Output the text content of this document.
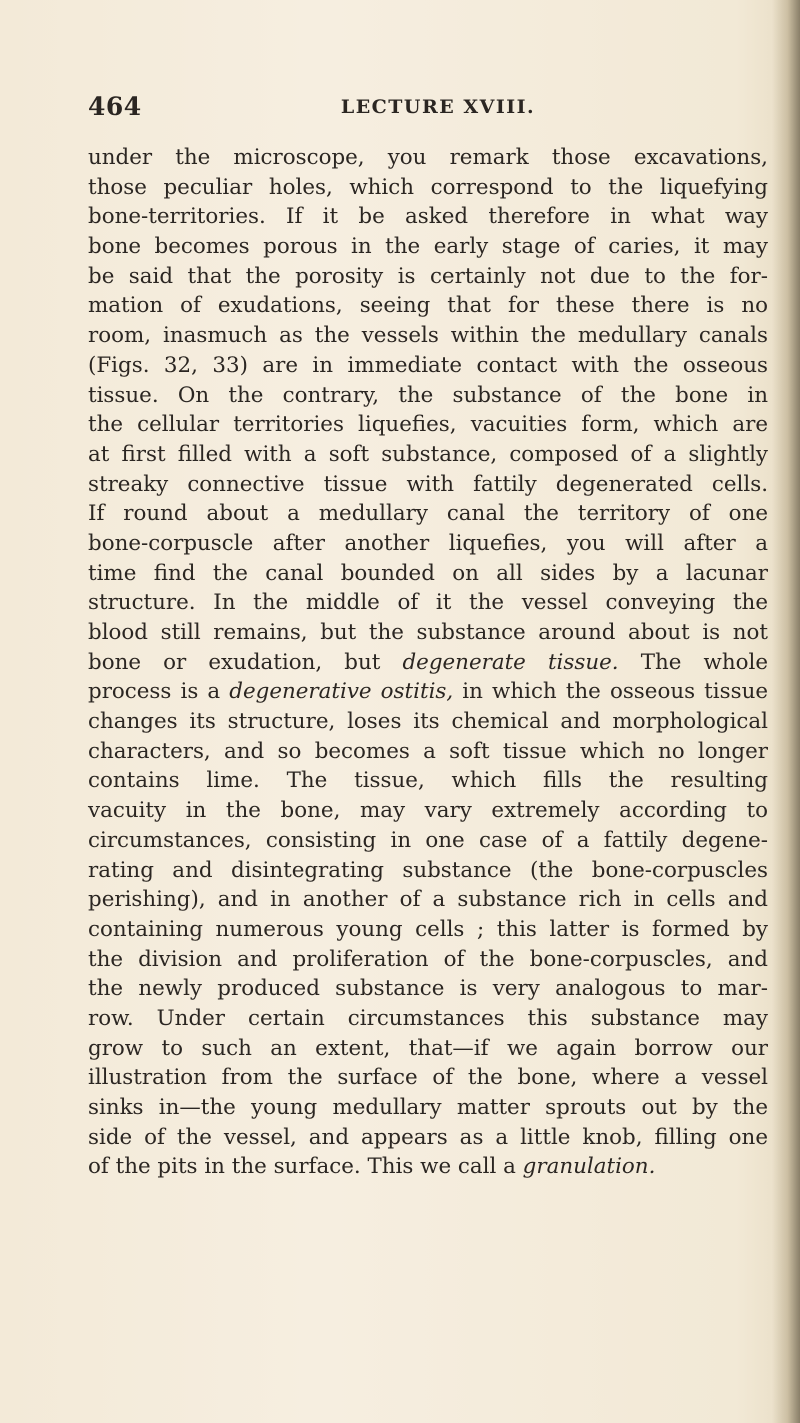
464	LECTURE XVIII.
under the microscope, you remark those excavations,
those peculiar holes, which correspond to the liquefying
bone-territories. If it be asked therefore in what way
bone becomes porous in the early stage of caries, it may
be said that the porosity is certainly not due to the for-
mation of exudations, seeing that for these there is no
room, inasmuch as the vessels within the medullary canals
(Figs. 32, 33) are in immediate contact with the osseous
tissue. On the contrary, the substance of the bone in
the cellular territories liquefies, vacuities form, which are
at first filled with a soft substance, composed of a slightly
streaky connective tissue with fattily degenerated cells.
If round about a medullary canal the territory of one
bone-corpuscle after another liquefies, you will after a
time find the canal bounded on all sides by a lacunar
structure. In the middle of it the vessel conveying the
blood still remains, but the substance around about is not
bone or exudation, but degenerate tissue. The whole
process is a degenerative ostitis, in which the osseous tissue
changes its structure, loses its chemical and morphological
characters, and so becomes a soft tissue which no longer
contains lime. The tissue, which fills the resulting
vacuity in the bone, may vary extremely according to
circumstances, consisting in one case of a fattily degene-
rating and disintegrating substance (the bone-corpuscles
perishing), and in another of a substance rich in cells and
containing numerous young cells ; this latter is formed by
the division and proliferation of the bone-corpuscles, and
the newly produced substance is very analogous to mar-
row. Under certain circumstances this substance may
grow to such an extent, that—if we again borrow our
illustration from the surface of the bone, where a vessel
sinks in—the young medullary matter sprouts out by the
side of the vessel, and appears as a little knob, filling one
of the pits in the surface. This we call a granulation.
